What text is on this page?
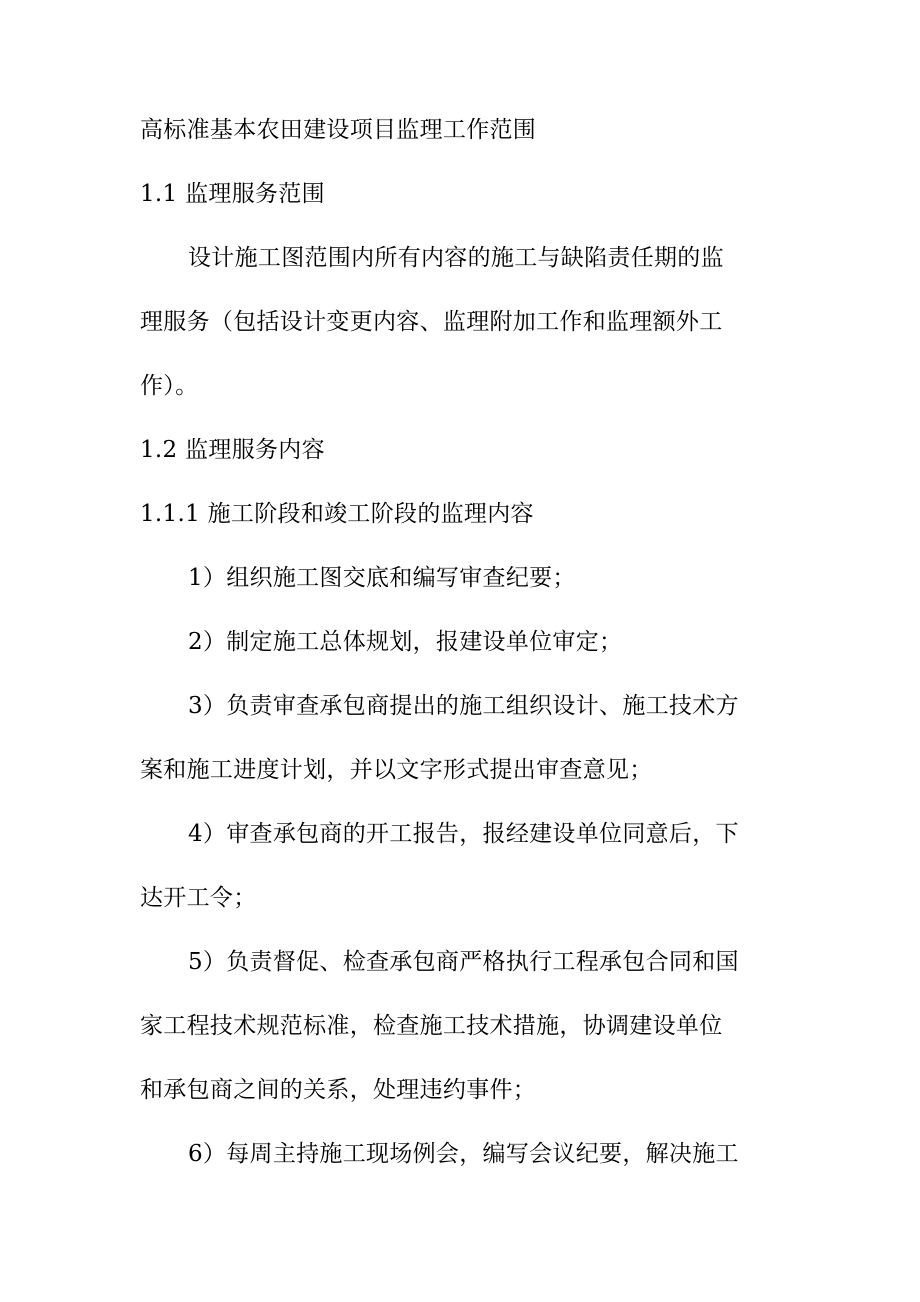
高标准基本农田建设项目监理工作范围
1.1 监理服务范围
设计施工图范围内所有内容的施工与缺陷责任期的监
理服务（包括设计变更内容、监理附加工作和监理额外工
作）。
1.2 监理服务内容
1.1.1 施工阶段和竣工阶段的监理内容
1）组织施工图交底和编写审查纪要；
2）制定施工总体规划，报建设单位审定；
3）负责审查承包商提出的施工组织设计、施工技术方
案和施工进度计划，并以文字形式提出审查意见；
4）审查承包商的开工报告，报经建设单位同意后，下
达开工令；
5）负责督促、检查承包商严格执行工程承包合同和国
家工程技术规范标准，检查施工技术措施，协调建设单位
和承包商之间的关系，处理违约事件；
6）每周主持施工现场例会，编写会议纪要，解决施工
